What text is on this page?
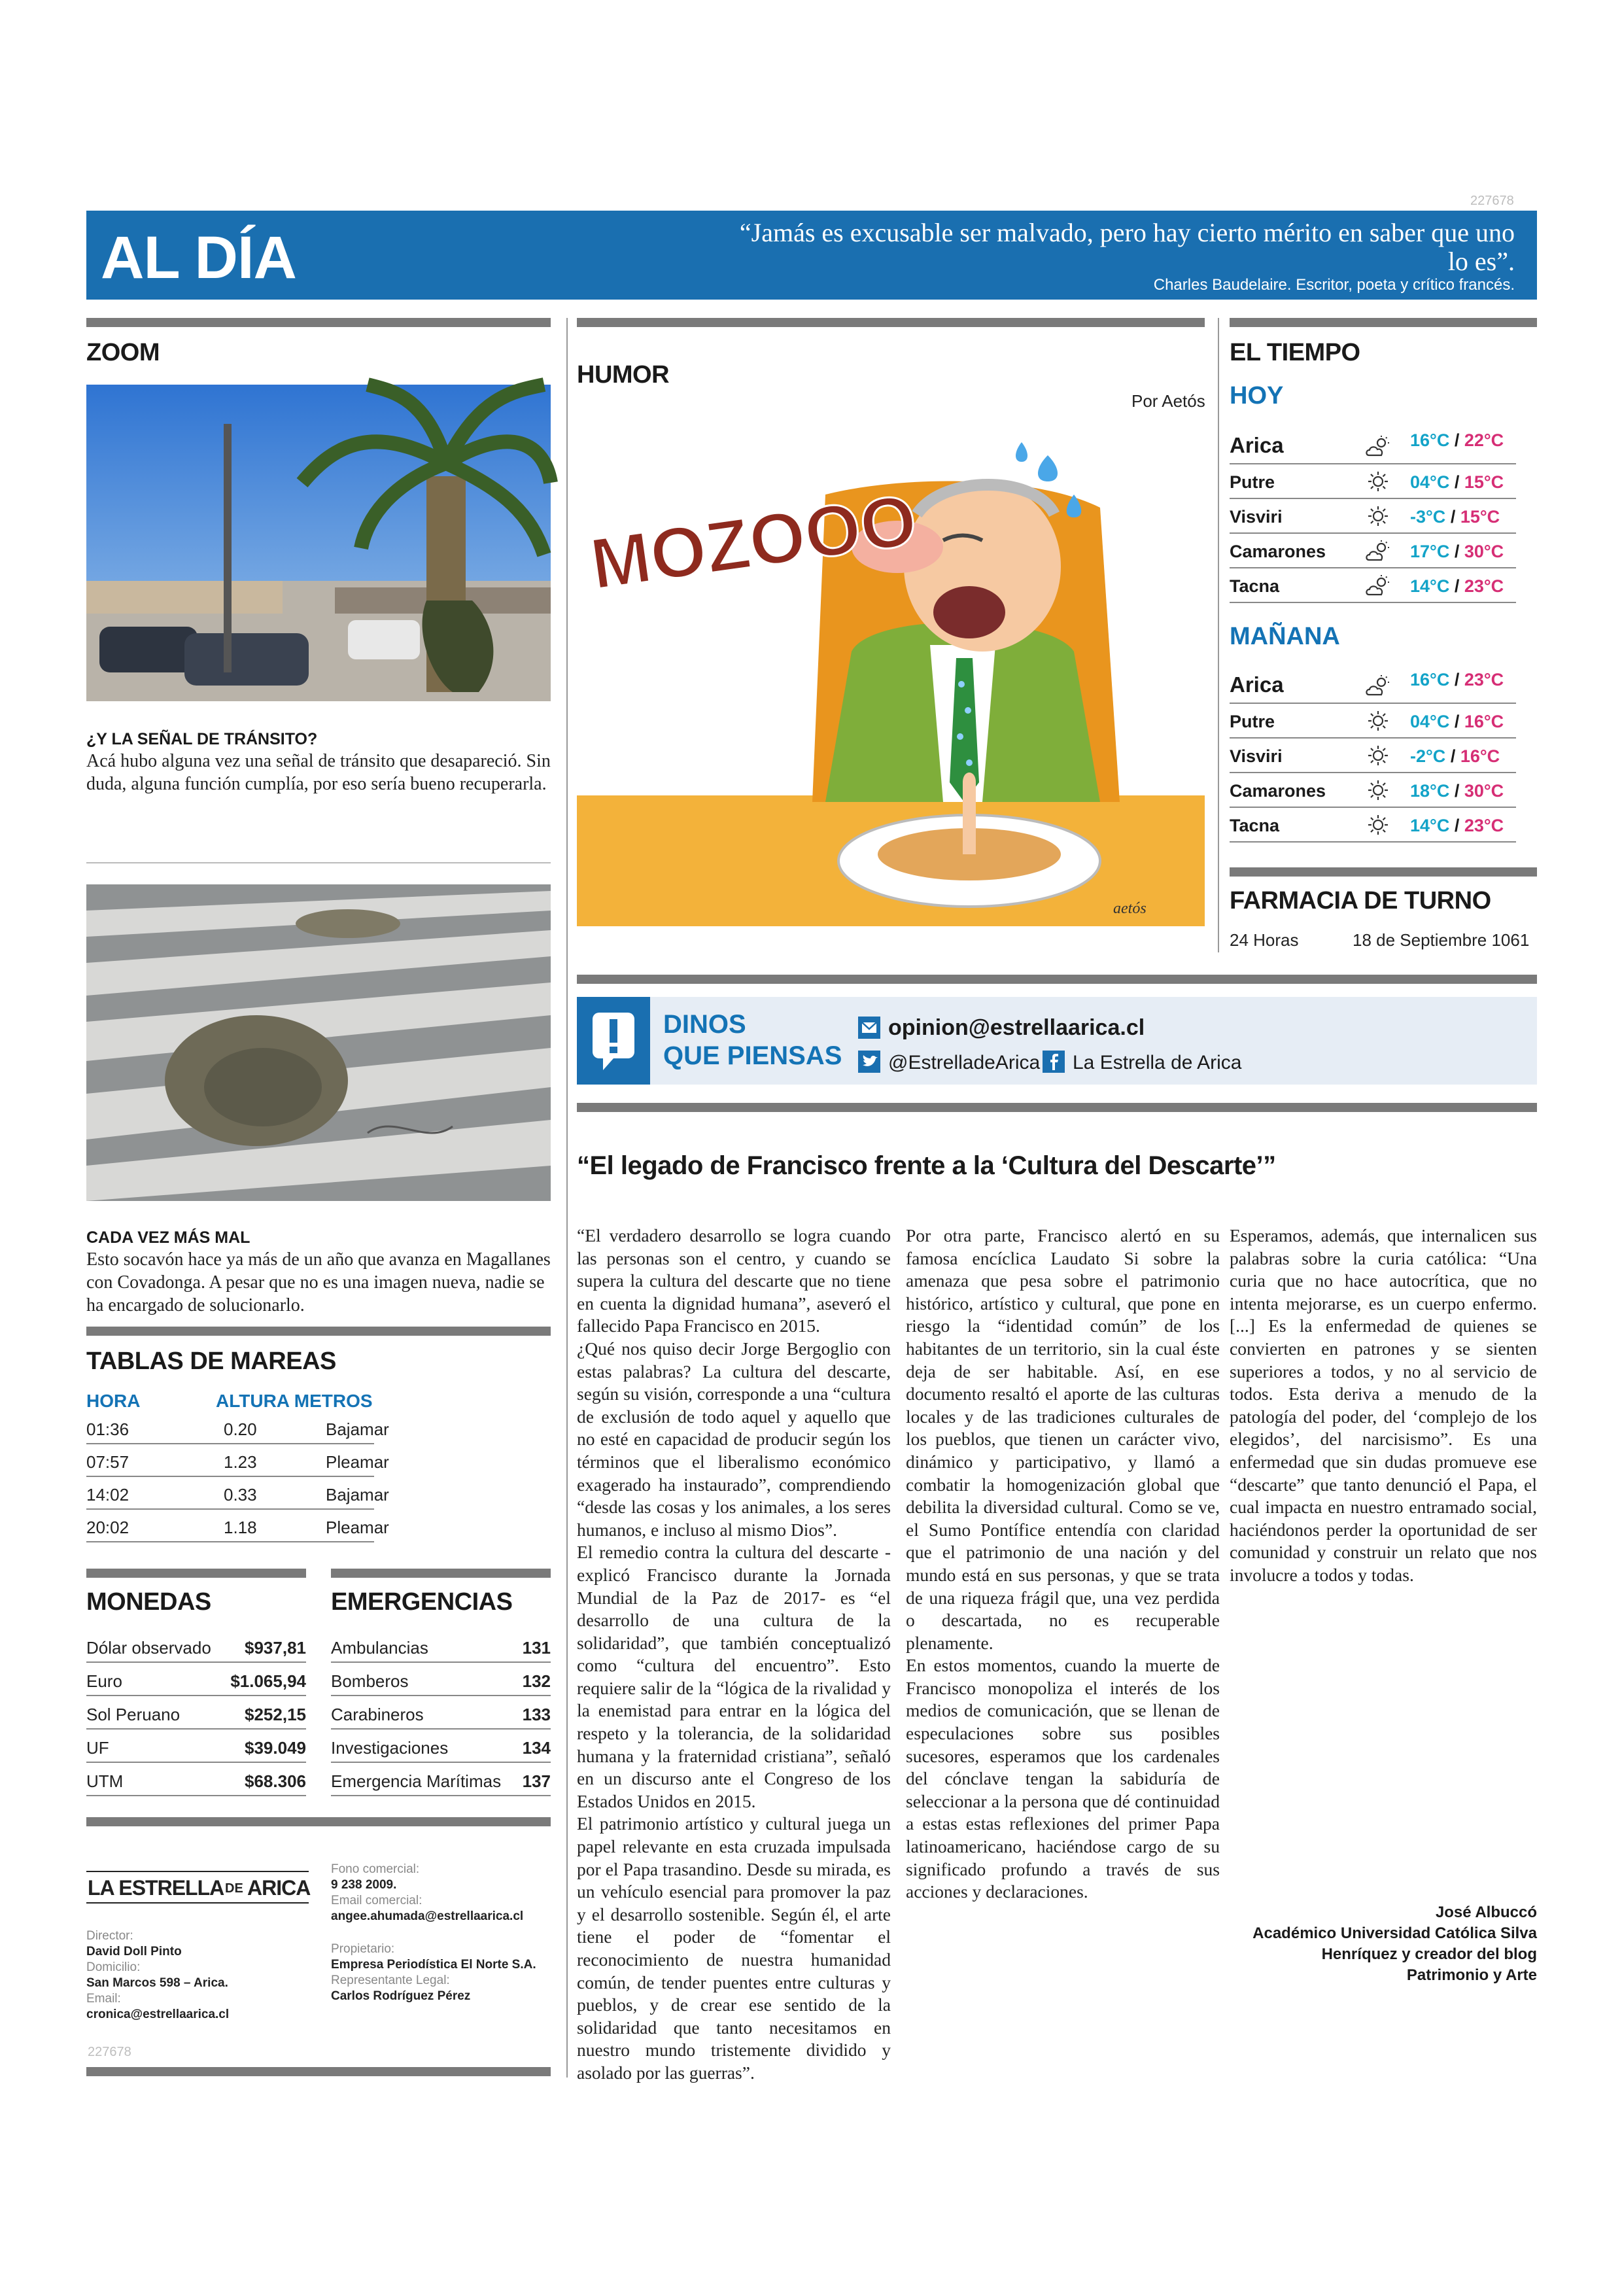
227678
AL DÍA	“Jamás es excusable ser malvado, pero hay cierto mérito en saber que uno lo es”.
Charles Baudelaire. Escritor, poeta y crítico francés.
ZOOM
¿Y LA SEÑAL DE TRÁNSITO?
Acá hubo alguna vez una señal de tránsito que desapareció. Sin duda, alguna función cumplía, por eso sería bueno recuperarla.
CADA VEZ MÁS MAL
Esto socavón hace ya más de un año que avanza en Magallanes con Covadonga. A pesar que no es una imagen nueva, nadie se ha encargado de solucionarlo.
TABLAS DE MAREAS
HORA	ALTURA METROS
01:36	0.20	Bajamar
07:57	1.23	Pleamar
14:02	0.33	Bajamar
20:02	1.18	Pleamar
MONEDAS
Dólar observado $937,81
Euro	$1.065,94
Sol Peruano	$252,15
UF	$39.049
UTM	$68.306
EMERGENCIAS
Ambulancias	131
Bomberos	132
Carabineros	133
Investigaciones	134
Emergencia Marítimas 137
LA ESTRELLA DE ARICA
Director:
David Doll Pinto
Domicilio:
San Marcos 598 – Arica.
Email:
cronica@estrellaarica.cl
Fono comercial:
9 238 2009.
Email comercial:
angee.ahumada@estrellaarica.cl
Propietario:
Empresa Periodística El Norte S.A.
Representante Legal:
Carlos Rodríguez Pérez
227678
HUMOR
Por Aetós
MOZOOO
aetós
DINOS
QUE PIENSAS
opinion@estrellaarica.cl
@EstrelladeArica La Estrella de Arica
EL TIEMPO
HOY
Arica	16°C / 22°C
Putre	04°C / 15°C
Visviri	-3°C / 15°C
Camarones	17°C / 30°C
Tacna	14°C / 23°C
MAÑANA
Arica	16°C / 23°C
Putre	04°C / 16°C
Visviri	-2°C / 16°C
Camarones	18°C / 30°C
Tacna	14°C / 23°C
FARMACIA DE TURNO
24 Horas	18 de Septiembre 1061
“El legado de Francisco frente a la ‘Cultura del Descarte’”

“El verdadero desarrollo se logra cuando las personas son el centro, y cuando se supera la cultura del descarte que no tiene en cuenta la dignidad humana”, aseveró el fallecido Papa Francisco en 2015.

¿Qué nos quiso decir Jorge Bergoglio con estas palabras? La cultura del descarte, según su visión, corresponde a una “cultura de exclusión de todo aquel y aquello que no esté en capacidad de producir según los términos que el liberalismo económico exagerado ha instaurado”, comprendiendo “desde las cosas y los animales, a los seres humanos, e incluso al mismo Dios”.

El remedio contra la cultura del descarte -explicó Francisco durante la Jornada Mundial de la Paz de 2017- es “el desarrollo de una cultura de la solidaridad”, que también conceptualizó como “cultura del encuentro”. Esto requiere salir de la “lógica de la rivalidad y la enemistad para entrar en la lógica del respeto y la tolerancia, de la solidaridad humana y la fraternidad cristiana”, señaló en un discurso ante el Congreso de los Estados Unidos en 2015.

El patrimonio artístico y cultural juega un papel relevante en esta cruzada impulsada por el Papa trasandino. Desde su mirada, es un vehículo esencial para promover la paz y el desarrollo sostenible. Según él, el arte tiene el poder de “fomentar el reconocimiento de nuestra humanidad común, de tender puentes entre culturas y pueblos, y de crear ese sentido de la solidaridad que tanto necesitamos en nuestro mundo tristemente dividido y asolado por las guerras”.

Por otra parte, Francisco alertó en su famosa encíclica Laudato Si sobre la amenaza que pesa sobre el patrimonio histórico, artístico y cultural, que pone en riesgo la “identidad común” de los habitantes de un territorio, sin la cual éste deja de ser habitable. Así, en ese documento resaltó el aporte de las culturas locales y de las tradiciones culturales de los pueblos, que tienen un carácter vivo, dinámico y participativo, y llamó a combatir la homogenización global que debilita la diversidad cultural. Como se ve, el Sumo Pontífice entendía con claridad que el patrimonio de una nación y del mundo está en sus personas, y que se trata de una riqueza frágil que, una vez perdida o descartada, no es recuperable plenamente.

En estos momentos, cuando la muerte de Francisco monopoliza el interés de los medios de comunicación, que se llenan de especulaciones sobre sus posibles sucesores, esperamos que los cardenales del cónclave tengan la sabiduría de seleccionar a la persona que dé continuidad a estas estas reflexiones del primer Papa latinoamericano, haciéndose cargo de su significado profundo a través de sus acciones y declaraciones.

Esperamos, además, que internalicen sus palabras sobre la curia católica: “Una curia que no hace autocrítica, que no intenta mejorarse, es un cuerpo enfermo. [...] Es la enfermedad de quienes se convierten en patrones y se sienten superiores a todos, y no al servicio de todos. Esta deriva a menudo de la patología del poder, del ‘complejo de los elegidos’, del narcisismo”. Es una enfermedad que sin dudas promueve ese “descarte” que tanto denunció el Papa, el cual impacta en nuestro entramado social, haciéndonos perder la oportunidad de ser comunidad y construir un relato que nos involucre a todos y todas.

José Albuccó
Académico Universidad Católica Silva
Henríquez y creador del blog
Patrimonio y Arte
